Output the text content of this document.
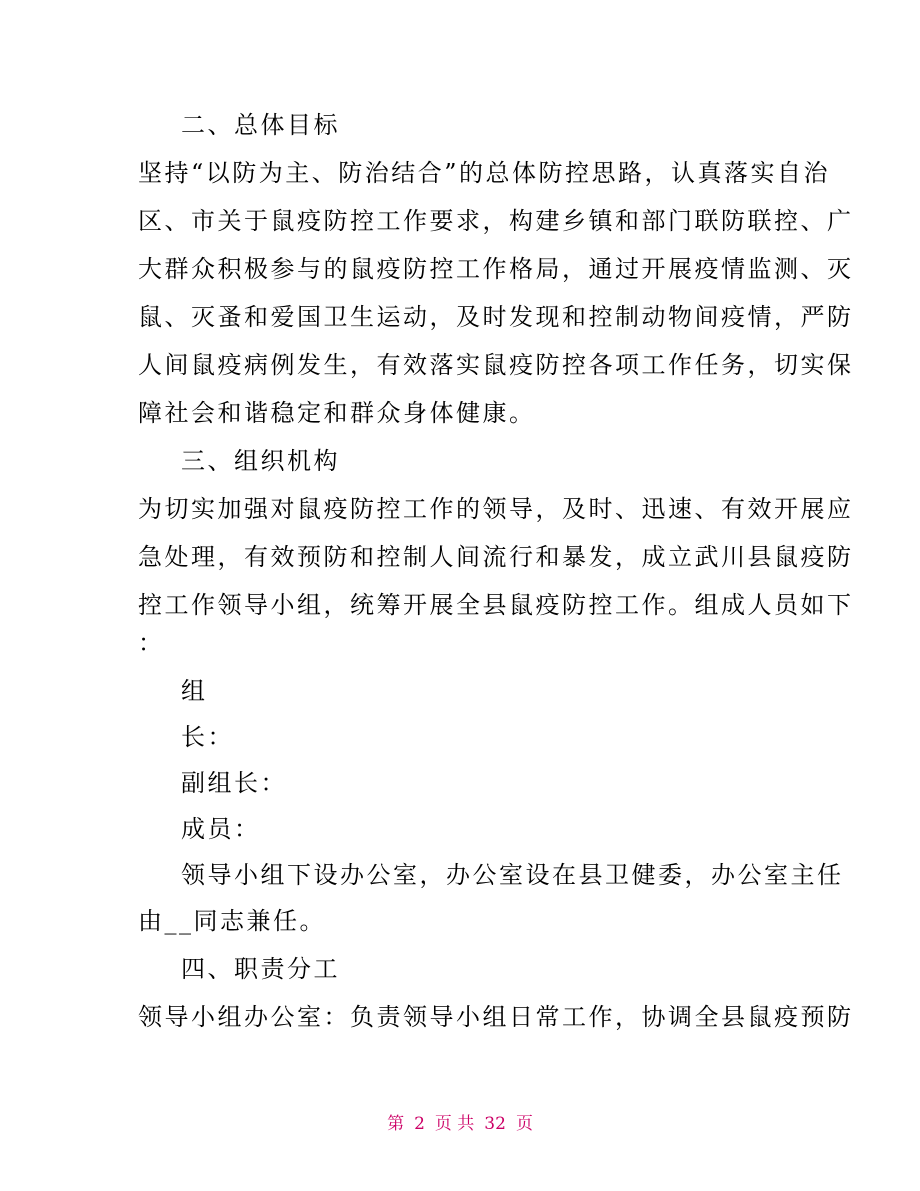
二、总体目标
坚持“以防为主、防治结合”的总体防控思路，认真落实自治
区、市关于鼠疫防控工作要求，构建乡镇和部门联防联控、广
大群众积极参与的鼠疫防控工作格局，通过开展疫情监测、灭
鼠、灭蚤和爱国卫生运动，及时发现和控制动物间疫情，严防
人间鼠疫病例发生，有效落实鼠疫防控各项工作任务，切实保
障社会和谐稳定和群众身体健康。
三、组织机构
为切实加强对鼠疫防控工作的领导，及时、迅速、有效开展应
急处理，有效预防和控制人间流行和暴发，成立武川县鼠疫防
控工作领导小组，统筹开展全县鼠疫防控工作。组成人员如下
：
组
长：
副组长：
成员：
领导小组下设办公室，办公室设在县卫健委，办公室主任
由__同志兼任。
四、职责分工
领导小组办公室：负责领导小组日常工作，协调全县鼠疫预防
第 2 页 共 32 页
